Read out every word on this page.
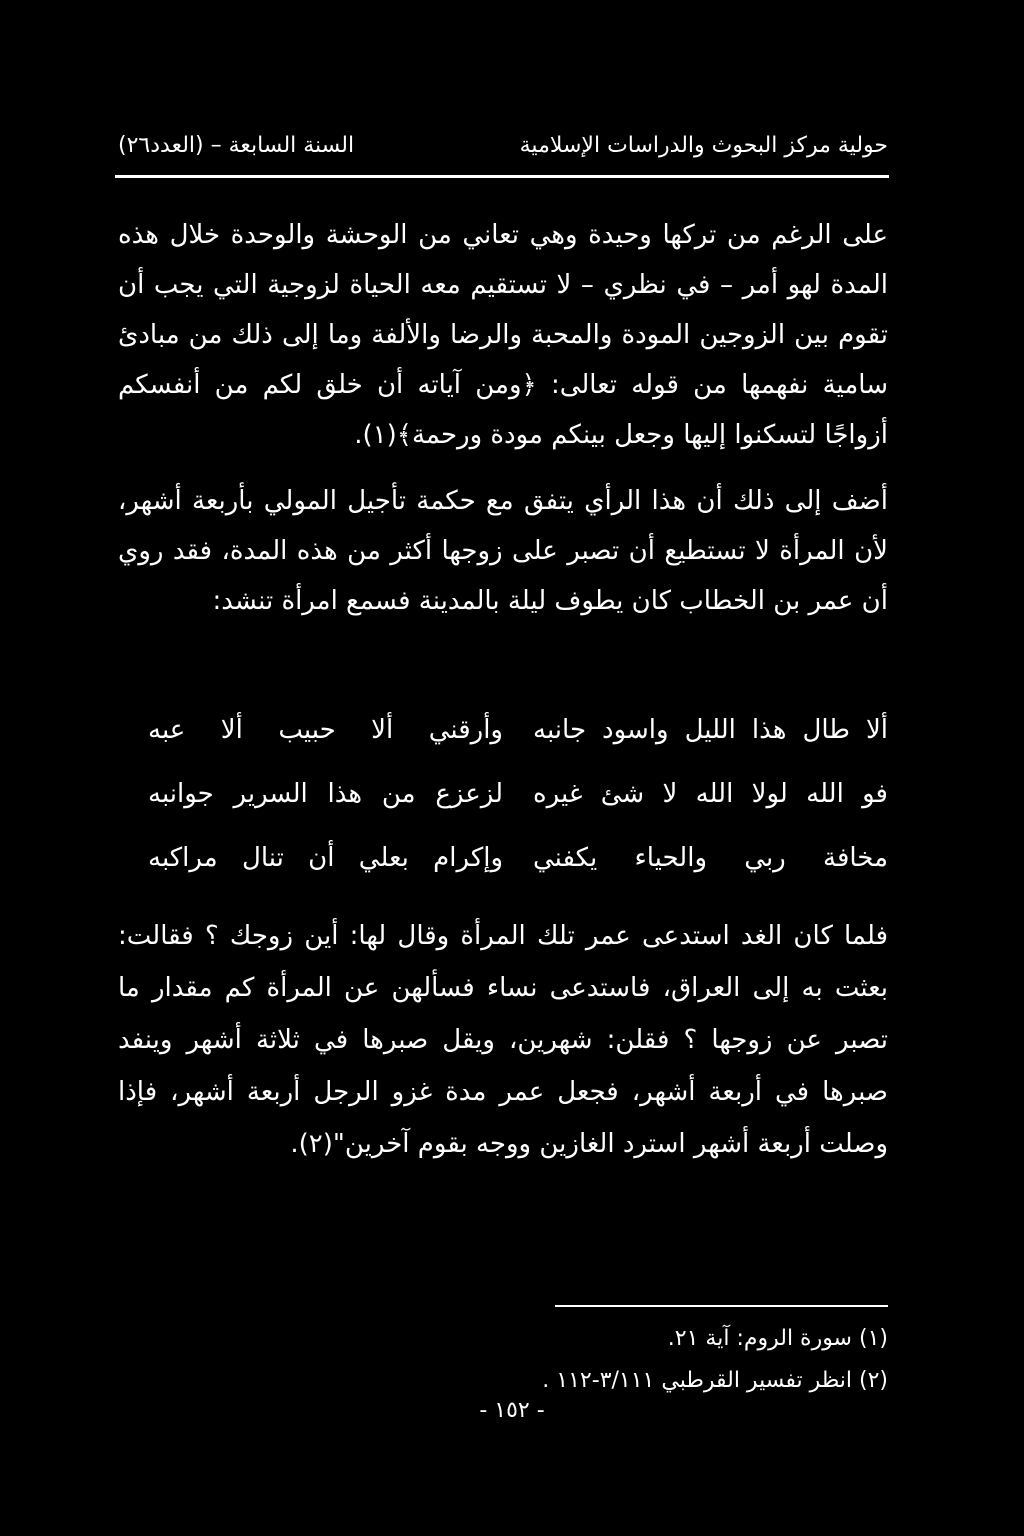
حولية مركز البحوث والدراسات الإسلامية
السنة السابعة – (العدد٢٦)

على الرغم من تركها وحيدة وهي تعاني من الوحشة والوحدة خلال هذه المدة لهو أمر – في نظري – لا تستقيم معه الحياة لزوجية التي يجب أن تقوم بين الزوجين المودة والمحبة والرضا والألفة وما إلى ذلك من مبادئ سامية نفهمها من قوله تعالى: ﴿ومن آياته أن خلق لكم من أنفسكم أزواجًا لتسكنوا إليها وجعل بينكم مودة ورحمة﴾(١).

أضف إلى ذلك أن هذا الرأي يتفق مع حكمة تأجيل المولي بأربعة أشهر، لأن المرأة لا تستطيع أن تصبر على زوجها أكثر من هذه المدة، فقد روي أن عمر بن الخطاب كان يطوف ليلة بالمدينة فسمع امرأة تنشد:

ألا طال هذا الليل واسود جانبه
وأرقني ألا حبيب ألا عبه
فو الله لولا الله لا شئ غيره
لزعزع من هذا السرير جوانبه
مخافة ربي والحياء يكفني
وإكرام بعلي أن تنال مراكبه

فلما كان الغد استدعى عمر تلك المرأة وقال لها: أين زوجك ؟ فقالت: بعثت به إلى العراق، فاستدعى نساء فسألهن عن المرأة كم مقدار ما تصبر عن زوجها ؟ فقلن: شهرين، ويقل صبرها في ثلاثة أشهر وينفد صبرها في أربعة أشهر، فجعل عمر مدة غزو الرجل أربعة أشهر، فإذا وصلت أربعة أشهر استرد الغازين ووجه بقوم آخرين"(٢).

(١) سورة الروم: آية ٢١.
(٢) انظر تفسير القرطبي ٣/١١١-١١٢ .
- ١٥٢ -
